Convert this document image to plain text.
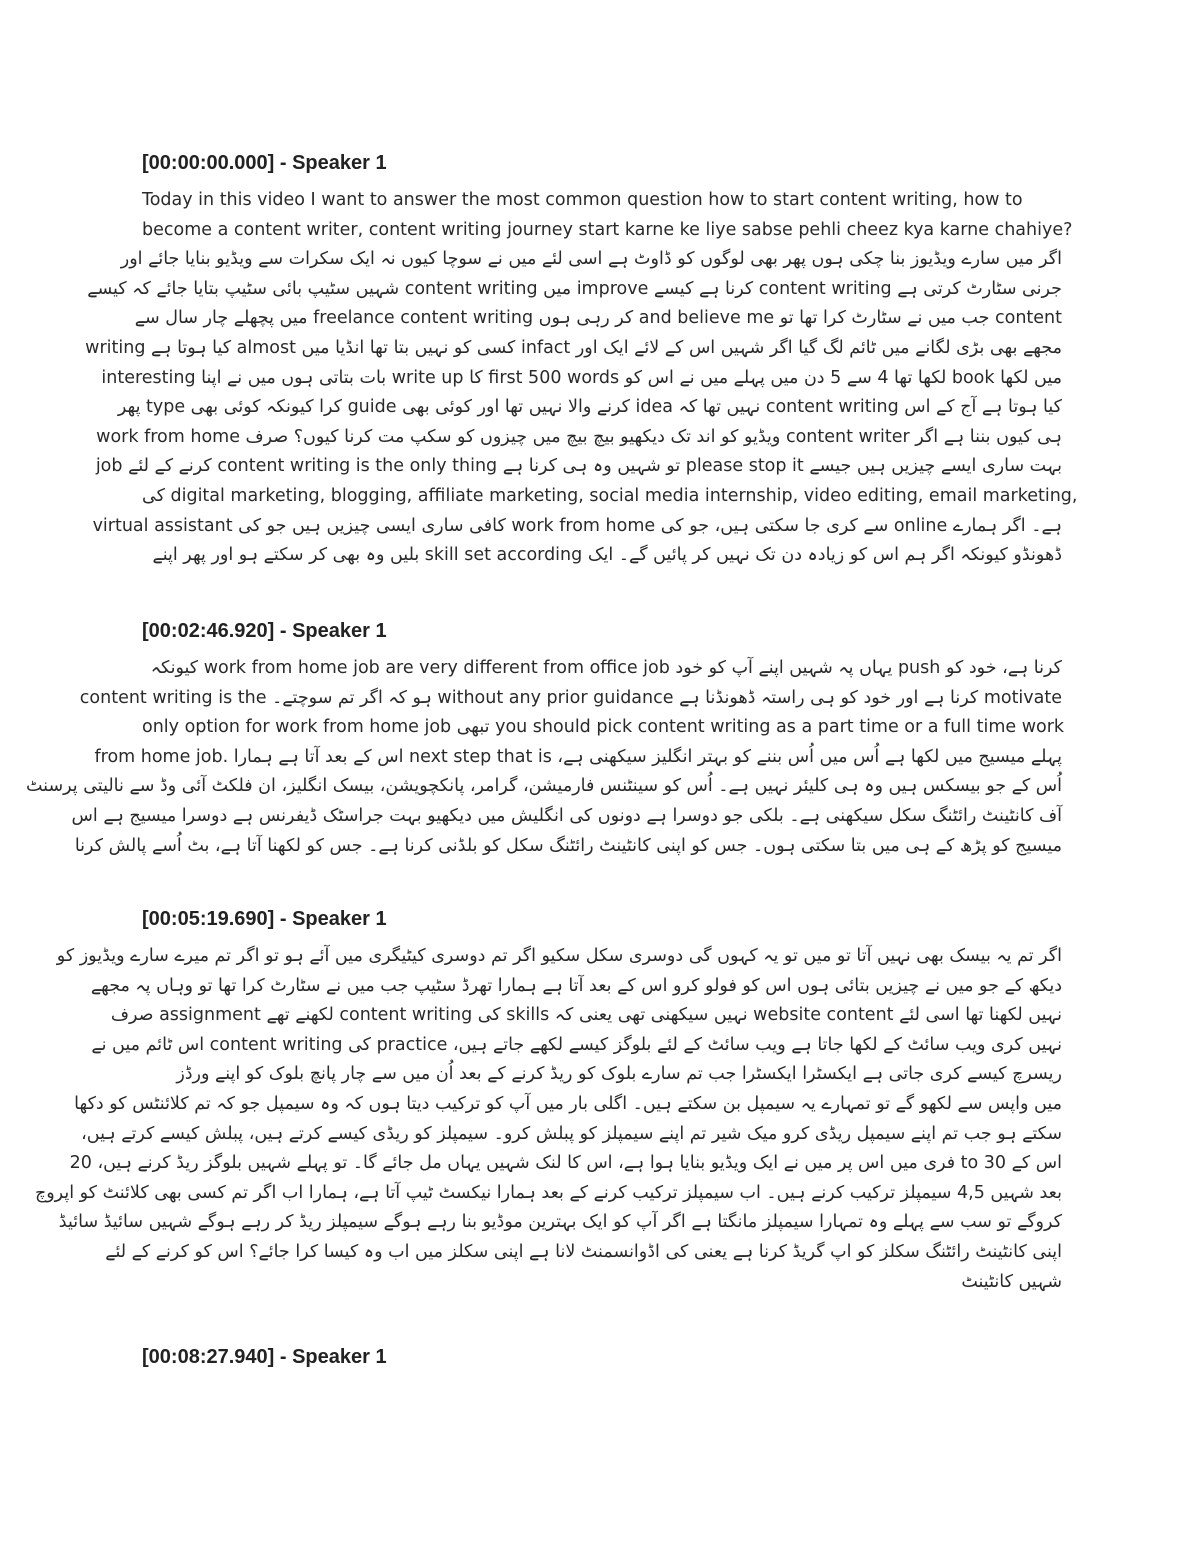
[00:00:00.000] - Speaker 1
Today in this video I want to answer the most common question how to start content writing, how to
become a content writer, content writing journey start karne ke liye sabse pehli cheez kya karne chahiye?
اگر میں سارے ویڈیوز بنا چکی ہوں پھر بھی لوگوں کو ڈاوٹ ہے اسی لئے میں نے سوچا کیوں نہ ایک سکرات سے ویڈیو بنایا جائے اور
جرنی سٹارٹ کرتی ہے content writing کرنا ہے کیسے improve میں content writing شہیں سٹیپ بائی سٹیپ بتایا جائے کہ کیسے
content جب میں نے سٹارٹ کرا تھا تو and believe me کر رہی ہوں freelance content writing میں پچھلے چار سال سے
مجھے بھی بڑی لگانے میں ٹائم لگ گیا اگر شہیں اس کے لائے ایک اور infact کسی کو نہیں بتا تھا انڈیا میں almost کیا ہوتا ہے writing
میں لکھا book لکھا تھا 4 سے 5 دن میں پہلے میں نے اس کو first 500 words کا write up بات بتاتی ہوں میں نے اپنا interesting
کیا ہوتا ہے آج کے اس content writing نہیں تھا کہ idea کرنے والا نہیں تھا اور کوئی بھی guide کرا کیونکہ کوئی بھی type پھر
ہی کیوں بننا ہے اگر content writer ویڈیو کو اند تک دیکھیو بیچ بیچ میں چیزوں کو سکپ مت کرنا کیوں؟ صرف work from home
بہت ساری ایسے چیزیں ہیں جیسے please stop it تو شہیں وہ ہی کرنا ہے content writing is the only thing کرنے کے لئے job
کی digital marketing, blogging, affiliate marketing, social media internship, video editing, email marketing,
ہے۔ اگر ہمارے online سے کری جا سکتی ہیں، جو کی work from home کافی ساری ایسی چیزیں ہیں جو کی virtual assistant
ڈھونڈو کیونکہ اگر ہم اس کو زیادہ دن تک نہیں کر پائیں گے۔ ایک skill set according بلیں وہ بھی کر سکتے ہو اور پھر اپنے
[00:02:46.920] - Speaker 1
کرنا ہے، خود کو push یہاں پہ شہیں اپنے آپ کو خود work from home job are very different from office job کیونکہ
motivate کرنا ہے اور خود کو ہی راستہ ڈھونڈنا ہے without any prior guidance ہو کہ اگر تم سوچتے۔ content writing is the
only option for work from home job تبھی you should pick content writing as a part time or a full time work
پہلے میسیج میں لکھا ہے اُس میں اُس بننے کو بہتر انگلیز سیکھنی ہے، next step that is اس کے بعد آتا ہے ہمارا .from home job
اُس کے جو بیسکس ہیں وہ ہی کلیئر نہیں ہے۔ اُس کو سینٹنس فارمیشن، گرامر، پانکچویشن، بیسک انگلیز، ان فلکٹ آئی وڈ سے نالیتی پرسنٹ
آف کانٹینٹ رائٹنگ سکل سیکھنی ہے۔ بلکی جو دوسرا ہے دونوں کی انگلیش میں دیکھیو بہت جراسٹک ڈیفرنس ہے دوسرا میسیج ہے اس
میسیج کو پڑھ کے ہی میں بتا سکتی ہوں۔ جس کو اپنی کانٹینٹ رائٹنگ سکل کو بلڈنی کرنا ہے۔ جس کو لکھنا آتا ہے، بٹ اُسے پالش کرنا
[00:05:19.690] - Speaker 1
اگر تم یہ بیسک بھی نہیں آتا تو میں تو یہ کہوں گی دوسری سکل سکیو اگر تم دوسری کیٹیگری میں آئے ہو تو اگر تم میرے سارے ویڈیوز کو
دیکھ کے جو میں نے چیزیں بتائی ہوں اس کو فولو کرو اس کے بعد آتا ہے ہمارا تھرڈ سٹیپ جب میں نے سٹارٹ کرا تھا تو وہاں پہ مجھے
نہیں لکھنا تھا اسی لئے website content نہیں سیکھنی تھی یعنی کہ skills کی content writing لکھنے تھے assignment صرف
نہیں کری ویب سائٹ کے لکھا جاتا ہے ویب سائٹ کے لئے بلوگز کیسے لکھے جاتے ہیں، practice کی content writing اس ٹائم میں نے
ریسرچ کیسے کری جاتی ہے ایکسٹرا ایکسٹرا جب تم سارے بلوک کو ریڈ کرنے کے بعد اُن میں سے چار پانچ بلوک کو اپنے ورڈز
میں واپس سے لکھو گے تو تمہارے یہ سیمپل بن سکتے ہیں۔ اگلی بار میں آپ کو ترکیب دیتا ہوں کہ وہ سیمپل جو کہ تم کلائنٹس کو دکھا
سکتے ہو جب تم اپنے سیمپل ریڈی کرو میک شیر تم اپنے سیمپلز کو پبلش کرو۔ سیمپلز کو ریڈی کیسے کرتے ہیں، پبلش کیسے کرتے ہیں،
اس کے to 30 فری میں اس پر میں نے ایک ویڈیو بنایا ہوا ہے، اس کا لنک شہیں یہاں مل جائے گا۔ تو پہلے شہیں بلوگز ریڈ کرنے ہیں، 20
بعد شہیں 4,5 سیمپلز ترکیب کرنے ہیں۔ اب سیمپلز ترکیب کرنے کے بعد ہمارا نیکسٹ ٹیپ آتا ہے، ہمارا اب اگر تم کسی بھی کلائنٹ کو اپروچ
کروگے تو سب سے پہلے وہ تمہارا سیمپلز مانگتا ہے اگر آپ کو ایک بہترین موڈیو بنا رہے ہوگے سیمپلز ریڈ کر رہے ہوگے شہیں سائیڈ سائیڈ
اپنی کانٹینٹ رائٹنگ سکلز کو اپ گریڈ کرنا ہے یعنی کی اڈوانسمنٹ لانا ہے اپنی سکلز میں اب وہ کیسا کرا جائے؟ اس کو کرنے کے لئے
شہیں کانٹینٹ
[00:08:27.940] - Speaker 1
